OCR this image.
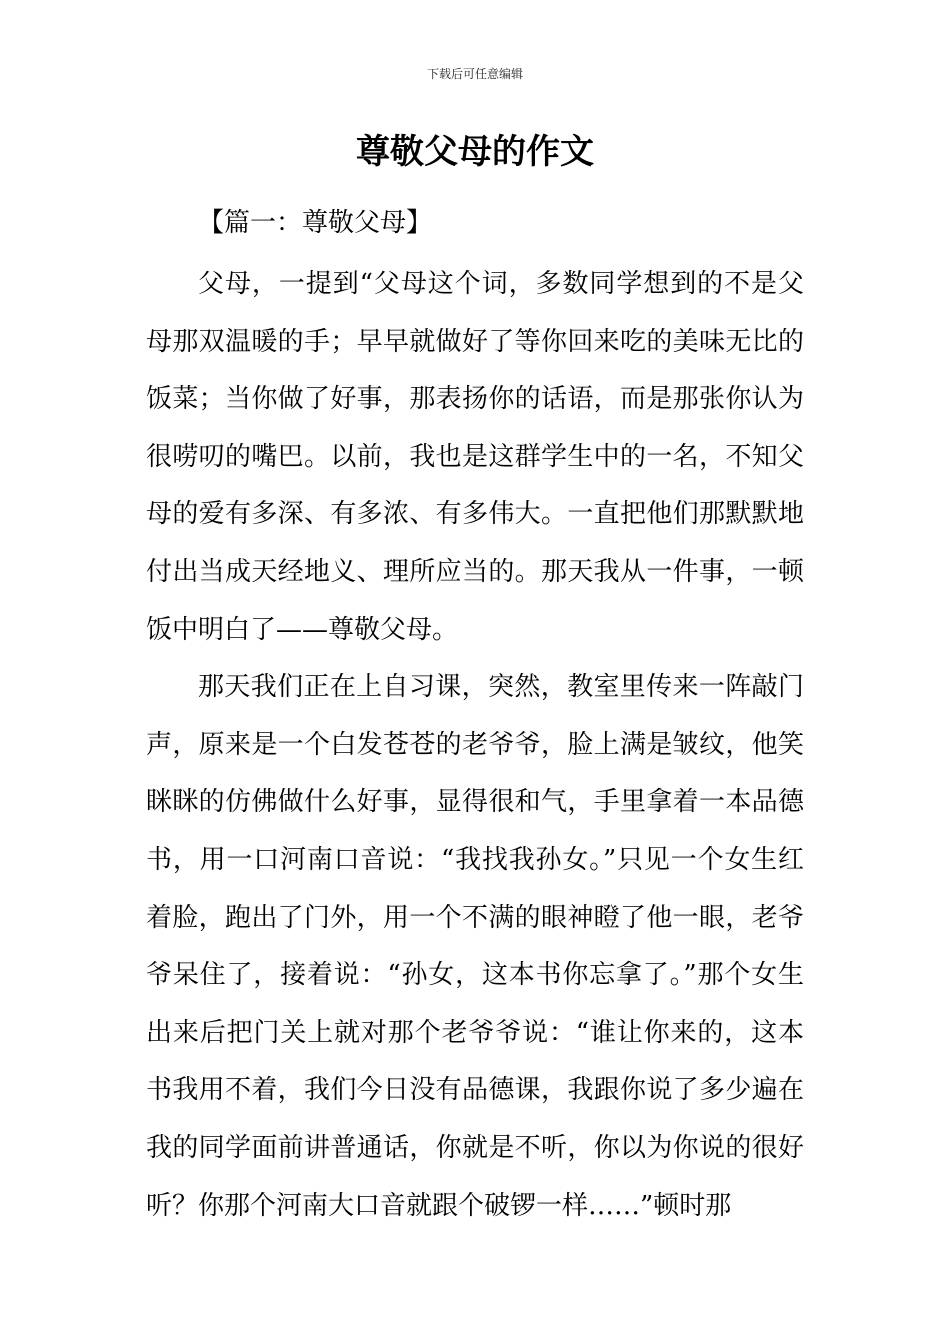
下载后可任意编辑
尊敬父母的作文
【篇一：尊敬父母】

父母，一提到“父母这个词，多数同学想到的不是父母那双温暖的手；早早就做好了等你回来吃的美味无比的饭菜；当你做了好事，那表扬你的话语，而是那张你认为很唠叨的嘴巴。以前，我也是这群学生中的一名，不知父母的爱有多深、有多浓、有多伟大。一直把他们那默默地付出当成天经地义、理所应当的。那天我从一件事，一顿饭中明白了——尊敬父母。

那天我们正在上自习课，突然，教室里传来一阵敲门声，原来是一个白发苍苍的老爷爷，脸上满是皱纹，他笑眯眯的仿佛做什么好事，显得很和气，手里拿着一本品德书，用一口河南口音说：“我找我孙女。”只见一个女生红着脸，跑出了门外，用一个不满的眼神瞪了他一眼，老爷爷呆住了，接着说：“孙女，这本书你忘拿了。”那个女生出来后把门关上就对那个老爷爷说：“谁让你来的，这本书我用不着，我们今日没有品德课，我跟你说了多少遍在我的同学面前讲普通话，你就是不听，你以为你说的很好听？你那个河南大口音就跟个破锣一样……”顿时那
